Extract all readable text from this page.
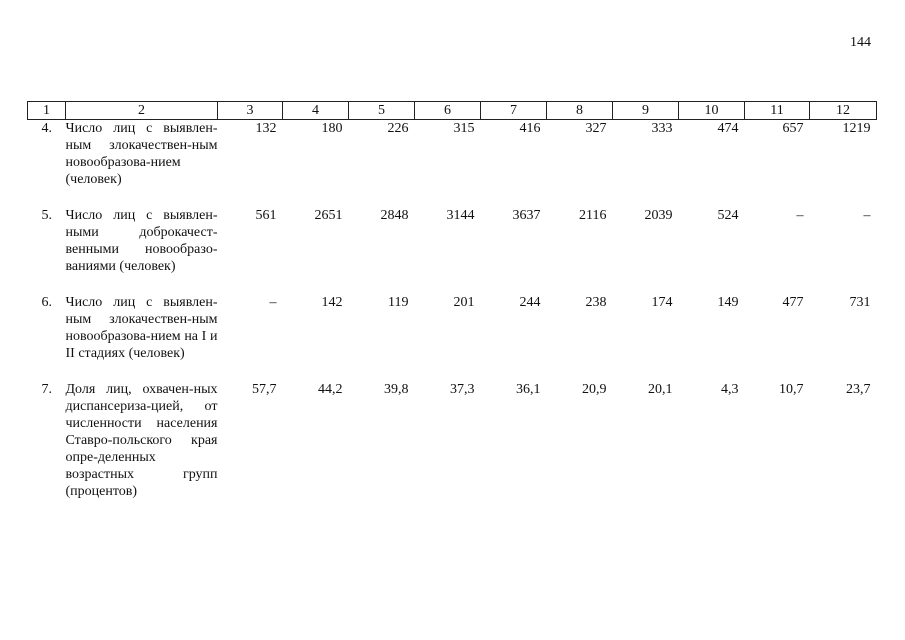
144
1	2	3	4	5	6	7	8	9	10	11	12
4.	Число лиц с выявлен-ным злокачествен-ным новообразова-нием (человек)	132	180	226	315	416	327	333	474	657	1219
5.	Число лиц с выявлен-ными доброкачест-венными новообразо-ваниями (человек)	561	2651	2848	3144	3637	2116	2039	524	–	–
6.	Число лиц с выявлен-ным злокачествен-ным новообразова-нием на I и II стадиях (человек)	–	142	119	201	244	238	174	149	477	731
7.	Доля лиц, охвачен-ных диспансериза-цией, от численности населения Ставро-польского края опре-деленных возрастных групп (процентов)	57,7	44,2	39,8	37,3	36,1	20,9	20,1	4,3	10,7	23,7
